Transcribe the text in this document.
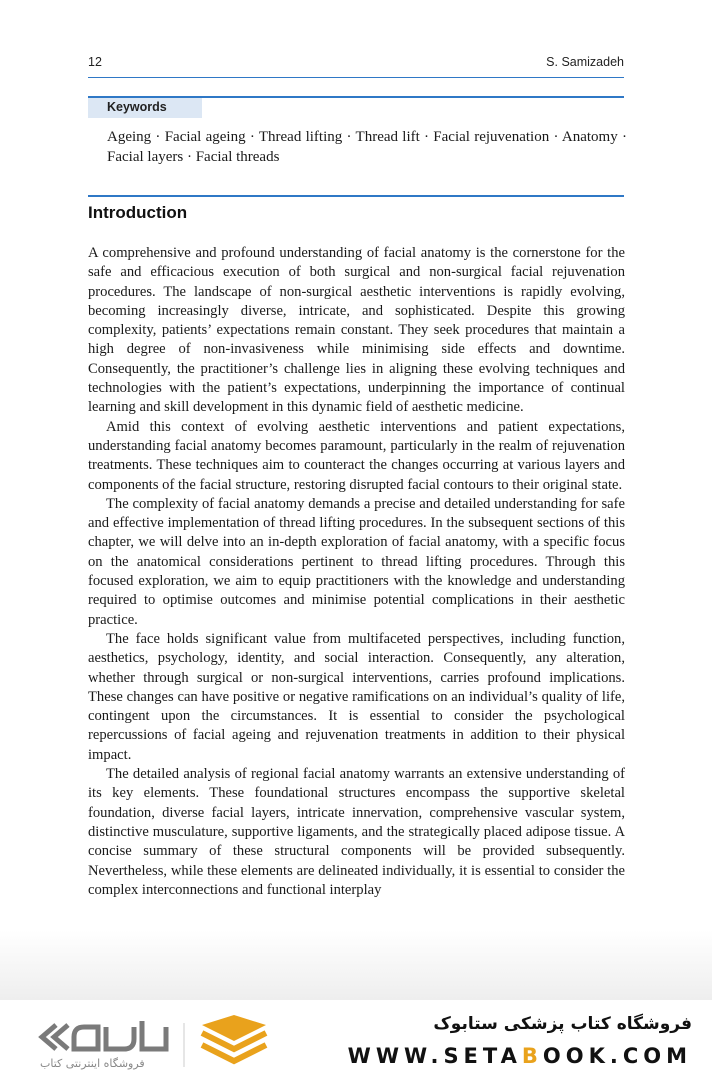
12	S. Samizadeh
Keywords
Ageing · Facial ageing · Thread lifting · Thread lift · Facial rejuvenation · Anatomy · Facial layers · Facial threads
Introduction

A comprehensive and profound understanding of facial anatomy is the cornerstone for the safe and efficacious execution of both surgical and non-surgical facial rejuvenation procedures. The landscape of non-surgical aesthetic interventions is rapidly evolving, becoming increasingly diverse, intricate, and sophisticated. Despite this growing complexity, patients’ expectations remain constant. They seek procedures that maintain a high degree of non-invasiveness while minimising side effects and downtime. Consequently, the practitioner’s challenge lies in aligning these evolving techniques and technologies with the patient’s expectations, underpinning the importance of continual learning and skill development in this dynamic field of aesthetic medicine.

Amid this context of evolving aesthetic interventions and patient expectations, understanding facial anatomy becomes paramount, particularly in the realm of rejuvenation treatments. These techniques aim to counteract the changes occurring at various layers and components of the facial structure, restoring disrupted facial contours to their original state.

The complexity of facial anatomy demands a precise and detailed understanding for safe and effective implementation of thread lifting procedures. In the subsequent sections of this chapter, we will delve into an in-depth exploration of facial anatomy, with a specific focus on the anatomical considerations pertinent to thread lifting procedures. Through this focused exploration, we aim to equip practitioners with the knowledge and understanding required to optimise outcomes and minimise potential complications in their aesthetic practice.

The face holds significant value from multifaceted perspectives, including function, aesthetics, psychology, identity, and social interaction. Consequently, any alteration, whether through surgical or non-surgical interventions, carries profound implications. These changes can have positive or negative ramifications on an individual’s quality of life, contingent upon the circumstances. It is essential to consider the psychological repercussions of facial ageing and rejuvenation treatments in addition to their physical impact.

The detailed analysis of regional facial anatomy warrants an extensive understanding of its key elements. These foundational structures encompass the supportive skeletal foundation, diverse facial layers, intricate innervation, comprehensive vascular system, distinctive musculature, supportive ligaments, and the strategically placed adipose tissue. A concise summary of these structural components will be provided subsequently. Nevertheless, while these elements are delineated individually, it is essential to consider the complex interconnections and functional interplay

فروشگاه اینترنتی کتاب
فروشگاه کتاب پزشکی ستابوک
WWW.SETABOOK.COM
